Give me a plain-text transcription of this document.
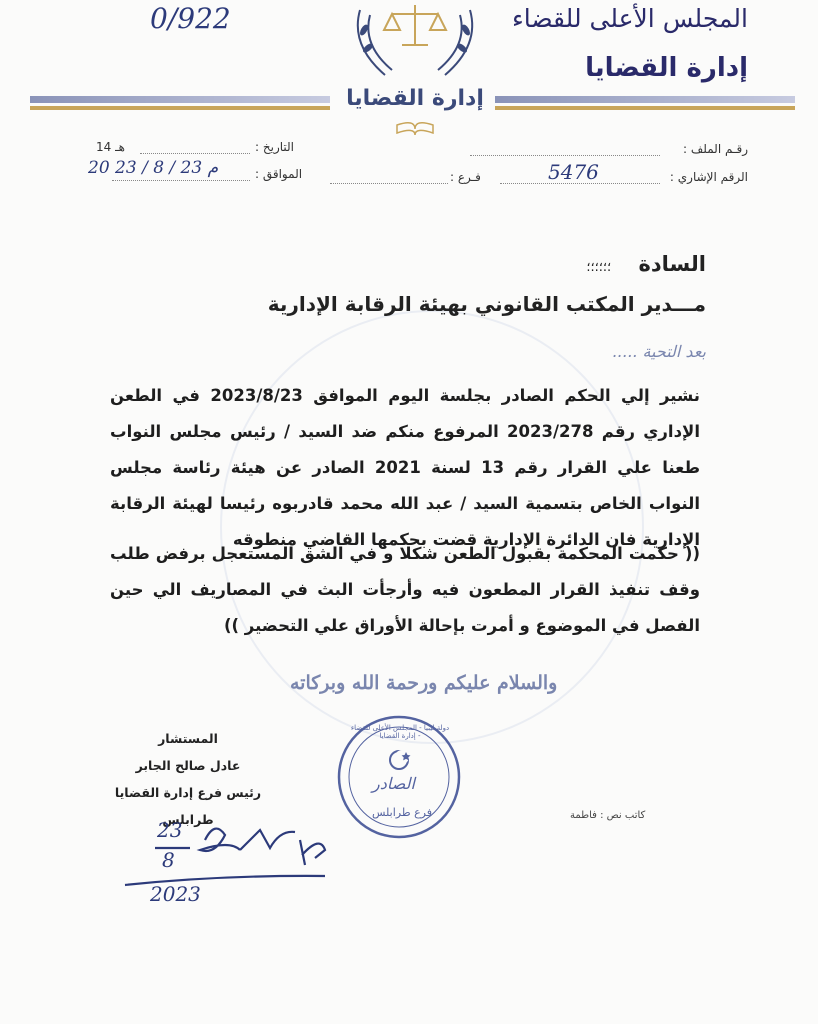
0/922	المجلس الأعلى للقضاء
إدارة القضايا
إدارة القضايا
رقـم الملف :
الرقم الإشاري :
5476
فـرع :
التاريخ :
14 هـ
المواقق :
20 23 / 8 / 23 م
السادة ؛؛؛؛؛؛
مـــدير المكتب القانوني بهيئة الرقابة الإدارية
بعد التحية .....
نشير إلي الحكم الصادر بجلسة اليوم الموافق 2023/8/23 في الطعن الإداري رقم 2023/278 المرفوع منكم ضد السيد / رئيس مجلس النواب طعنا علي القرار رقم 13 لسنة 2021 الصادر عن هيئة رئاسة مجلس النواب الخاص بتسمية السيد / عبد الله محمد قادربوه رئيسا لهيئة الرقابة الإدارية فان الدائرة الإدارية قضت بحكمها القاضي منطوقه
(( حكمت المحكمة بقبول الطعن شكلا و في الشق المستعجل برفض طلب وقف تنفيذ القرار المطعون فيه وأرجأت البث في المصاريف الي حين الفصل في الموضوع و أمرت بإحالة الأوراق علي التحضير ))
والسلام عليكم ورحمة الله وبركاته
المستشار
عادل صالح الجابر
رئيس فرع إدارة القضايا طرابلس	كاتب نص : فاطمة
الصادر
فرع طرابلس
دولة ليبيا - المجلس الأعلى للقضاء - إدارة القضايا
23
8
2023
